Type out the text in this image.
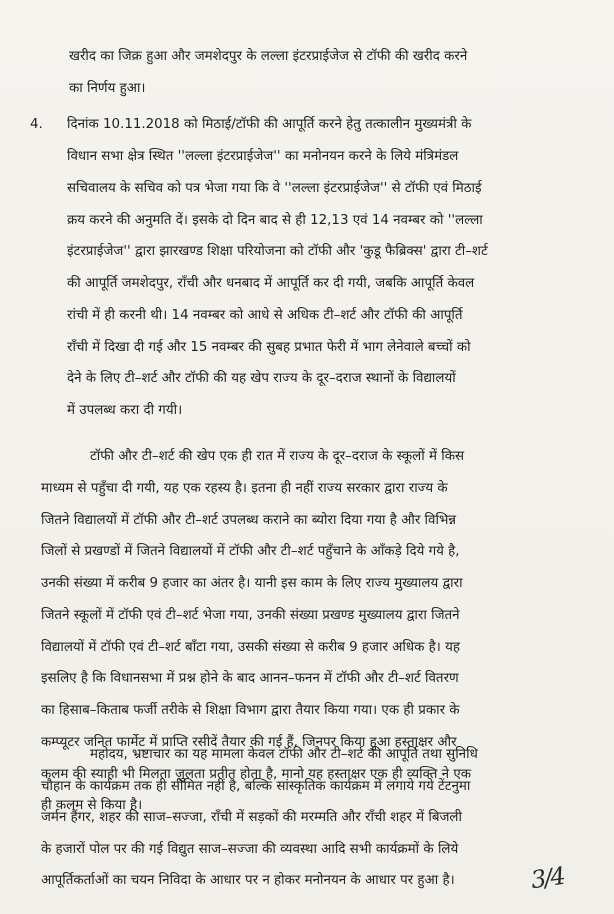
खरीद का जिक्र हुआ और जमशेदपुर के लल्ला इंटरप्राईजेज से टॉफी की खरीद करने
का निर्णय हुआ।
4. दिनांक 10.11.2018 को मिठाई/टॉफी की आपूर्ति करने हेतु तत्कालीन मुख्यमंत्री के
विधान सभा क्षेत्र स्थित ''लल्ला इंटरप्राईजेज'' का मनोनयन करने के लिये मंत्रिमंडल
सचिवालय के सचिव को पत्र भेजा गया कि वे ''लल्ला इंटरप्राईजेज'' से टॉफी एवं मिठाई
क्रय करने की अनुमति दें। इसके दो दिन बाद से ही 12,13 एवं 14 नवम्बर को ''लल्ला
इंटरप्राईजेज'' द्वारा झारखण्ड शिक्षा परियोजना को टॉफी और 'कुडू फैब्रिक्स' द्वारा टी–शर्ट
की आपूर्ति जमशेदपुर, राँची और धनबाद में आपूर्ति कर दी गयी, जबकि आपूर्ति केवल
रांची में ही करनी थी। 14 नवम्बर को आधे से अधिक टी–शर्ट और टॉफी की आपूर्ति
राँची में दिखा दी गई और 15 नवम्बर की सुबह प्रभात फेरी में भाग लेनेवाले बच्चों को
देने के लिए टी–शर्ट और टॉफी की यह खेप राज्य के दूर–दराज स्थानों के विद्यालयों
में उपलब्ध करा दी गयी।
टॉफी और टी–शर्ट की खेप एक ही रात में राज्य के दूर–दराज के स्कूलों में किस
माध्यम से पहुँचा दी गयी, यह एक रहस्य है। इतना ही नहीं राज्य सरकार द्वारा राज्य के
जितने विद्यालयों में टॉफी और टी–शर्ट उपलब्ध कराने का ब्योरा दिया गया है और विभिन्न
जिलों से प्रखण्डों में जितने विद्यालयों में टॉफी और टी–शर्ट पहुँचाने के आँकड़े दिये गये है,
उनकी संख्या में करीब 9 हजार का अंतर है। यानी इस काम के लिए राज्य मुख्यालय द्वारा
जितने स्कूलों में टॉफी एवं टी–शर्ट भेजा गया, उनकी संख्या प्रखण्ड मुख्यालय द्वारा जितने
विद्यालयों में टॉफी एवं टी–शर्ट बाँटा गया, उसकी संख्या से करीब 9 हजार अधिक है। यह
इसलिए है कि विधानसभा में प्रश्न होने के बाद आनन–फनन में टॉफी और टी–शर्ट वितरण
का हिसाब–किताब फर्जी तरीके से शिक्षा विभाग द्वारा तैयार किया गया। एक ही प्रकार के
कम्प्यूटर जनित फार्मेट में प्राप्ति रसीदें तैयार की गई हैं, जिनपर किया हुआ हस्ताक्षर और
कलम की स्याही भी मिलता जुलता प्रतीत होता है, मानो यह हस्ताक्षर एक ही व्यक्ति ने एक
ही कलम से किया है।
महोदय, भ्रष्टाचार का यह मामला केवल टॉफी और टी–शर्ट की आपूर्ति तथा सुनिधि
चौहान के कार्यक्रम तक ही सीमित नहीं है, बल्कि सांस्कृतिक कार्यक्रम में लगाये गये टेंटनुमा
जर्मन हैंगर, शहर की साज–सज्जा, राँची में सड़कों की मरम्मति और राँची शहर में बिजली
के हजारों पोल पर की गई विद्युत साज–सज्जा की व्यवस्था आदि सभी कार्यक्रमों के लिये
आपूर्तिकर्ताओं का चयन निविदा के आधार पर न होकर मनोनयन के आधार पर हुआ है।	3/4
